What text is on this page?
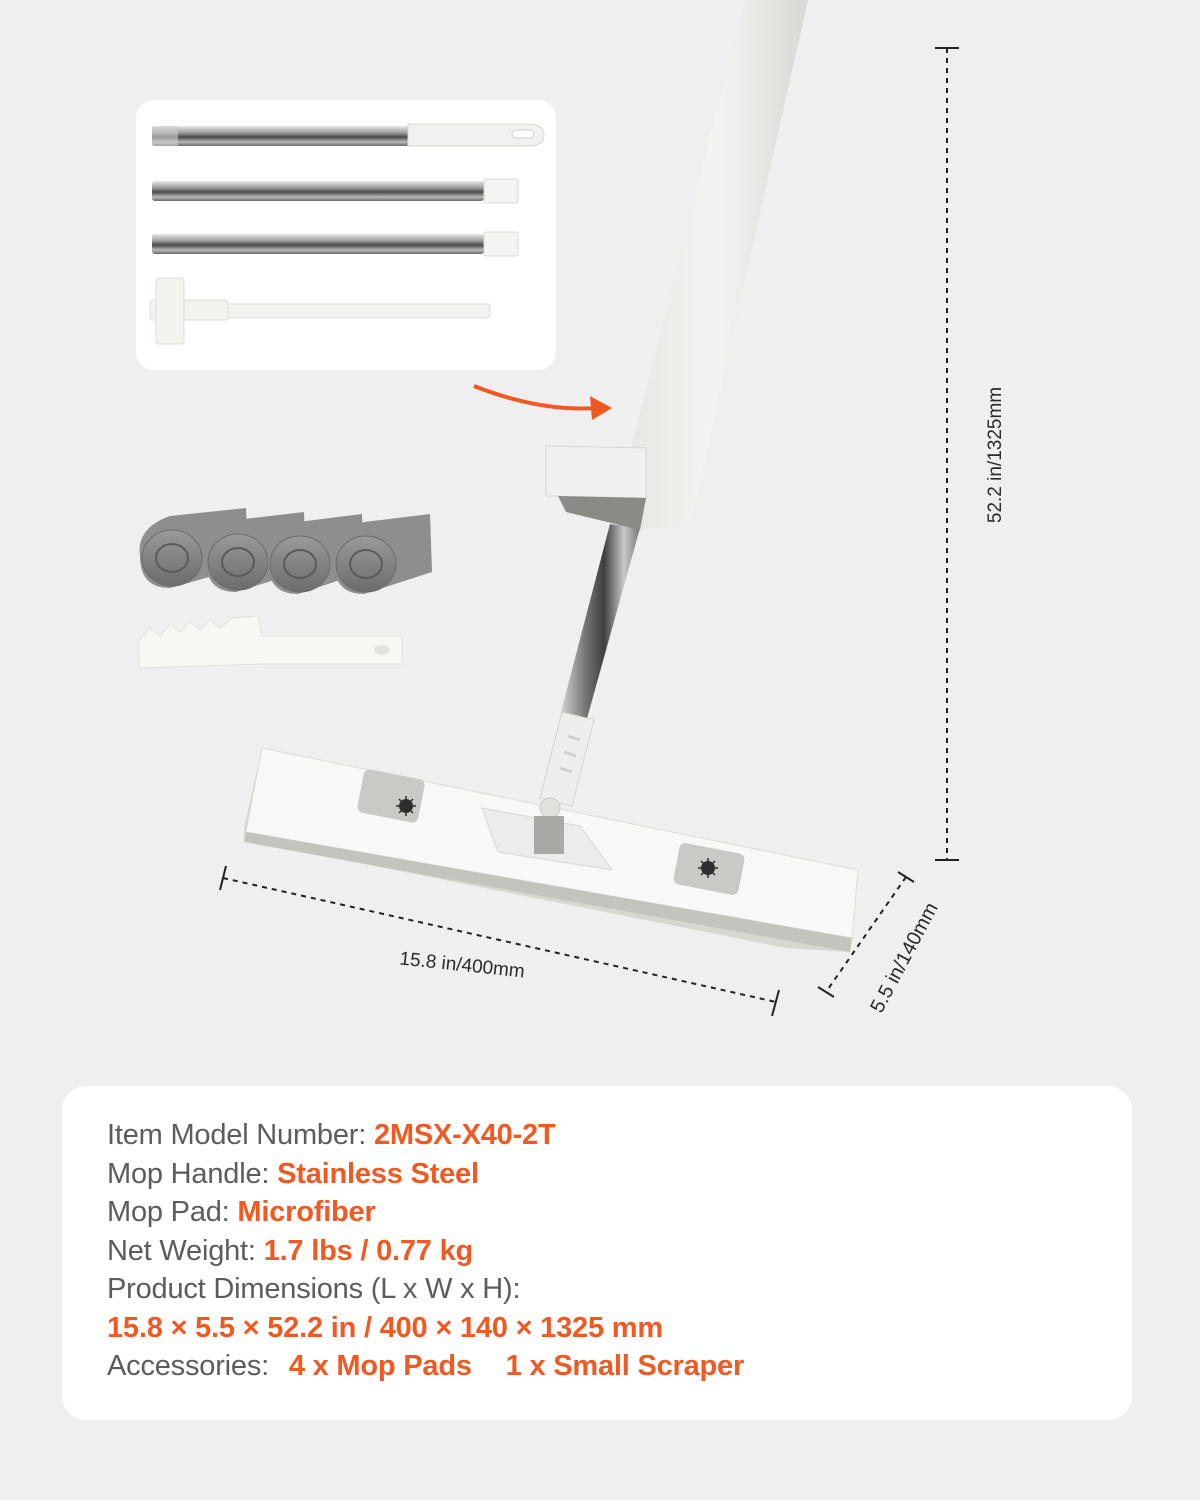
52.2 in/1325mm
15.8 in/400mm	5.5 in/140mm
Item Model Number: 2MSX-X40-2T
Mop Handle: Stainless Steel
Mop Pad: Microfiber
Net Weight: 1.7 lbs / 0.77 kg
Product Dimensions (L x W x H):
15.8 × 5.5 × 52.2 in / 400 × 140 × 1325 mm
Accessories: 4 x Mop Pads 1 x Small Scraper
